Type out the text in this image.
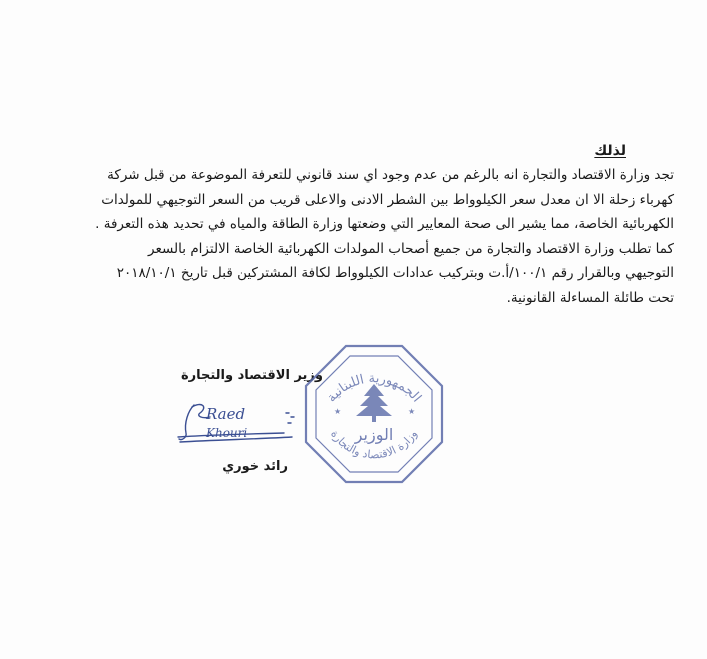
لذلك

تجد وزارة الاقتصاد والتجارة انه بالرغم من عدم وجود اي سند قانوني للتعرفة الموضوعة من قبل شركة
كهرباء زحلة الا ان معدل سعر الكيلوواط بين الشطر الادنى والاعلى قريب من السعر التوجيهي للمولدات
الكهربائية الخاصة، مما يشير الى صحة المعايير التي وضعتها وزارة الطاقة والمياه في تحديد هذه التعرفة .

كما تطلب وزارة الاقتصاد والتجارة من جميع أصحاب المولدات الكهربائية الخاصة الالتزام بالسعر
التوجيهي وبالقرار رقم ١٠٠/١/أ.ت وبتركيب عدادات الكيلوواط لكافة المشتركين قبل تاريخ ٢٠١٨/١٠/١
تحت طائلة المساءلة القانونية.

وزير الاقتصاد والتجارة
Raed
Khouri
الجمهورية اللبنانية
وزارة الاقتصاد والتجارة
الوزير
★	★
رائد خوري
